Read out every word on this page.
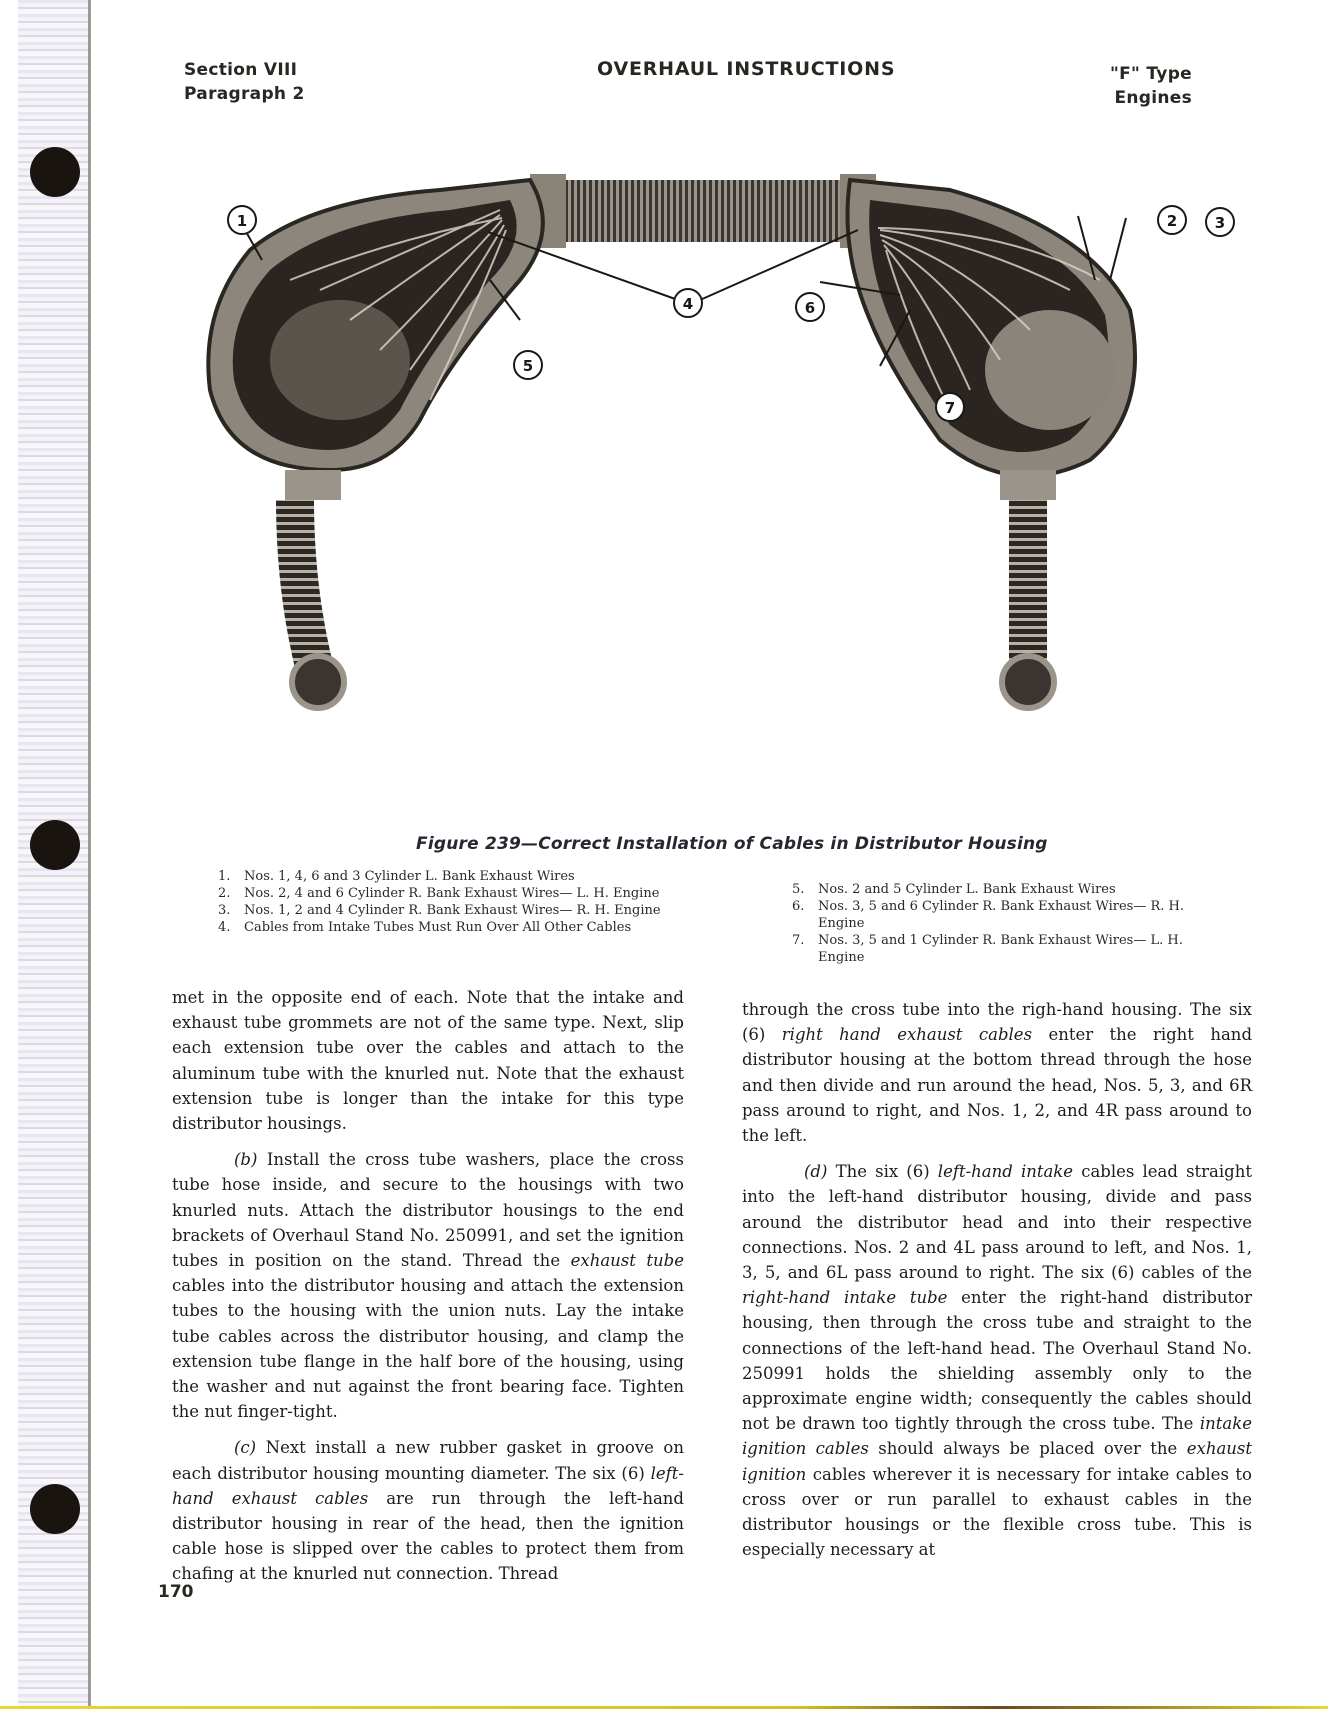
Section VIII
Paragraph 2
OVERHAUL INSTRUCTIONS	"F" Type
Engines
1
4
5
6
7
2	3
Figure 239—Correct Installation of Cables in Distributor Housing
1.	Nos. 1, 4, 6 and 3 Cylinder L. Bank Exhaust Wires
2.	Nos. 2, 4 and 6 Cylinder R. Bank Exhaust Wires— L. H. Engine
3.	Nos. 1, 2 and 4 Cylinder R. Bank Exhaust Wires— R. H. Engine
4.	Cables from Intake Tubes Must Run Over All Other Cables
5.	Nos. 2 and 5 Cylinder L. Bank Exhaust Wires
6.	Nos. 3, 5 and 6 Cylinder R. Bank Exhaust Wires— R. H. Engine
7.	Nos. 3, 5 and 1 Cylinder R. Bank Exhaust Wires— L. H. Engine

met in the opposite end of each. Note that the intake and exhaust tube grommets are not of the same type. Next, slip each extension tube over the cables and attach to the aluminum tube with the knurled nut. Note that the exhaust extension tube is longer than the intake for this type distributor housings.

(b) Install the cross tube washers, place the cross tube hose inside, and secure to the housings with two knurled nuts. Attach the distributor housings to the end brackets of Overhaul Stand No. 250991, and set the ignition tubes in position on the stand. Thread the exhaust tube cables into the distributor housing and attach the extension tubes to the housing with the union nuts. Lay the intake tube cables across the distributor housing, and clamp the extension tube flange in the half bore of the housing, using the washer and nut against the front bearing face. Tighten the nut finger-tight.

(c) Next install a new rubber gasket in groove on each distributor housing mounting diameter. The six (6) left-hand exhaust cables are run through the left-hand distributor housing in rear of the head, then the ignition cable hose is slipped over the cables to protect them from chafing at the knurled nut connection. Thread

through the cross tube into the righ-hand housing. The six (6) right hand exhaust cables enter the right hand distributor housing at the bottom thread through the hose and then divide and run around the head, Nos. 5, 3, and 6R pass around to right, and Nos. 1, 2, and 4R pass around to the left.

(d) The six (6) left-hand intake cables lead straight into the left-hand distributor housing, divide and pass around the distributor head and into their respective connections. Nos. 2 and 4L pass around to left, and Nos. 1, 3, 5, and 6L pass around to right. The six (6) cables of the right-hand intake tube enter the right-hand distributor housing, then through the cross tube and straight to the connections of the left-hand head. The Overhaul Stand No. 250991 holds the shielding assembly only to the approximate engine width; consequently the cables should not be drawn too tightly through the cross tube. The intake ignition cables should always be placed over the exhaust ignition cables wherever it is necessary for intake cables to cross over or run parallel to exhaust cables in the distributor housings or the flexible cross tube. This is especially necessary at

170
